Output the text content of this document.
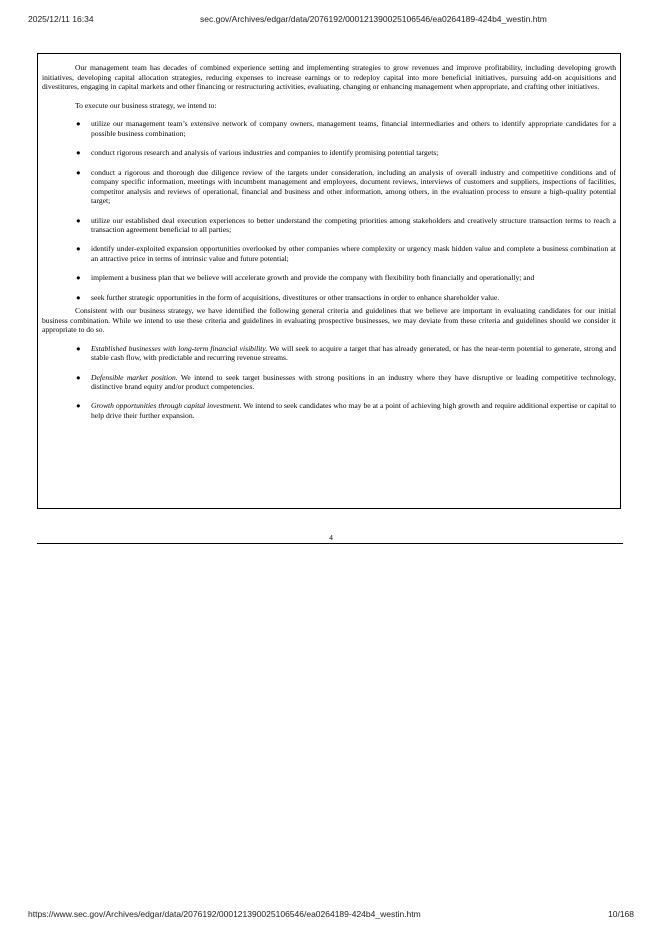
2025/12/11 16:34	sec.gov/Archives/edgar/data/2076192/000121390025106546/ea0264189-424b4_westin.htm

Our management team has decades of combined experience setting and implementing strategies to grow revenues and improve profitability, including developing growth initiatives, developing capital allocation strategies, reducing expenses to increase earnings or to redeploy capital into more beneficial initiatives, pursuing add-on acquisitions and divestitures, engaging in capital markets and other financing or restructuring activities, evaluating, changing or enhancing management when appropriate, and crafting other initiatives.

To execute our business strategy, we intend to:

● utilize our management team’s extensive network of company owners, management teams, financial intermediaries and others to identify appropriate candidates for a possible business combination;
● conduct rigorous research and analysis of various industries and companies to identify promising potential targets;
● conduct a rigorous and thorough due diligence review of the targets under consideration, including an analysis of overall industry and competitive conditions and of company specific information, meetings with incumbent management and employees, document reviews, interviews of customers and suppliers, inspections of facilities, competitor analysis and reviews of operational, financial and business and other information, among others, in the evaluation process to ensure a high-quality potential target;
● utilize our established deal execution experiences to better understand the competing priorities among stakeholders and creatively structure transaction terms to reach a transaction agreement beneficial to all parties;
● identify under-exploited expansion opportunities overlooked by other companies where complexity or urgency mask hidden value and complete a business combination at an attractive price in terms of intrinsic value and future potential;
● implement a business plan that we believe will accelerate growth and provide the company with flexibility both financially and operationally; and
● seek further strategic opportunities in the form of acquisitions, divestitures or other transactions in order to enhance shareholder value.

Consistent with our business strategy, we have identified the following general criteria and guidelines that we believe are important in evaluating candidates for our initial business combination. While we intend to use these criteria and guidelines in evaluating prospective businesses, we may deviate from these criteria and guidelines should we consider it appropriate to do so.

● Established businesses with long-term financial visibility. We will seek to acquire a target that has already generated, or has the near-term potential to generate, strong and stable cash flow, with predictable and recurring revenue streams.
● Defensible market position. We intend to seek target businesses with strong positions in an industry where they have disruptive or leading competitive technology, distinctive brand equity and/or product competencies.
● Growth opportunities through capital investment. We intend to seek candidates who may be at a point of achieving high growth and require additional expertise or capital to help drive their further expansion.
4
https://www.sec.gov/Archives/edgar/data/2076192/000121390025106546/ea0264189-424b4_westin.htm	10/168
